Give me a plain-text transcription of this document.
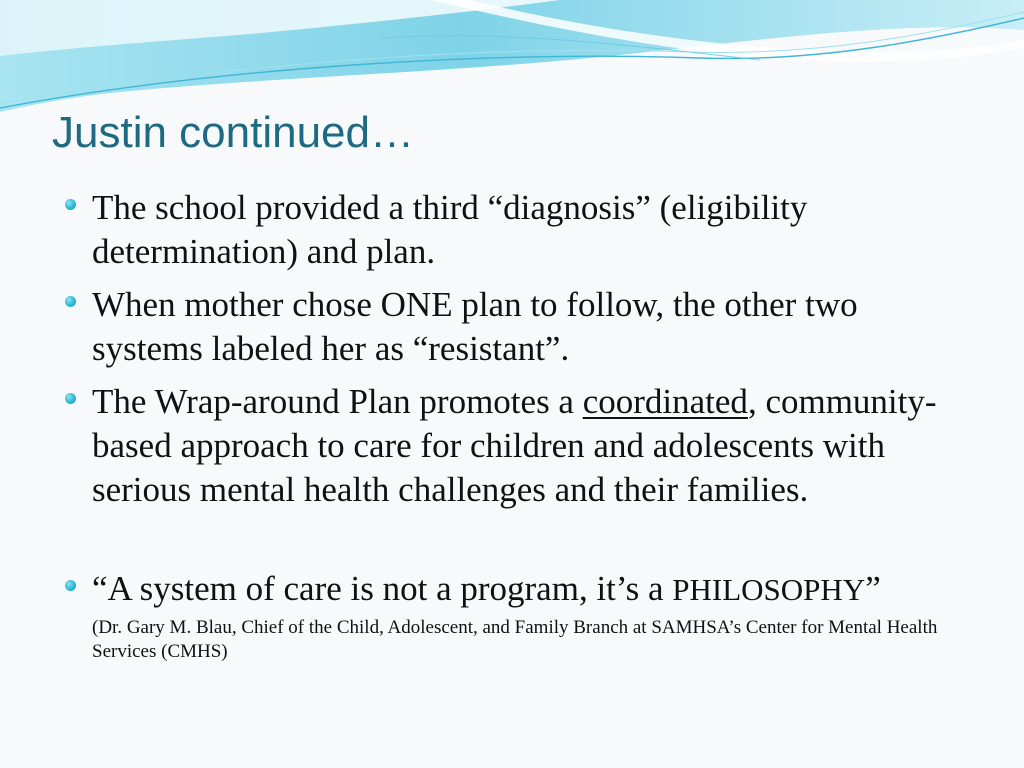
Justin continued…
The school provided a third “diagnosis” (eligibility determination) and plan.
When mother chose ONE plan to follow, the other two systems labeled her as “resistant”.
The Wrap-around Plan promotes a coordinated, community-based approach to care for children and adolescents with serious mental health challenges and their families.
“A system of care is not a program, it’s a PHILOSOPHY”
(Dr. Gary M. Blau, Chief of the Child, Adolescent, and Family Branch at SAMHSA’s Center for Mental Health Services (CMHS)
